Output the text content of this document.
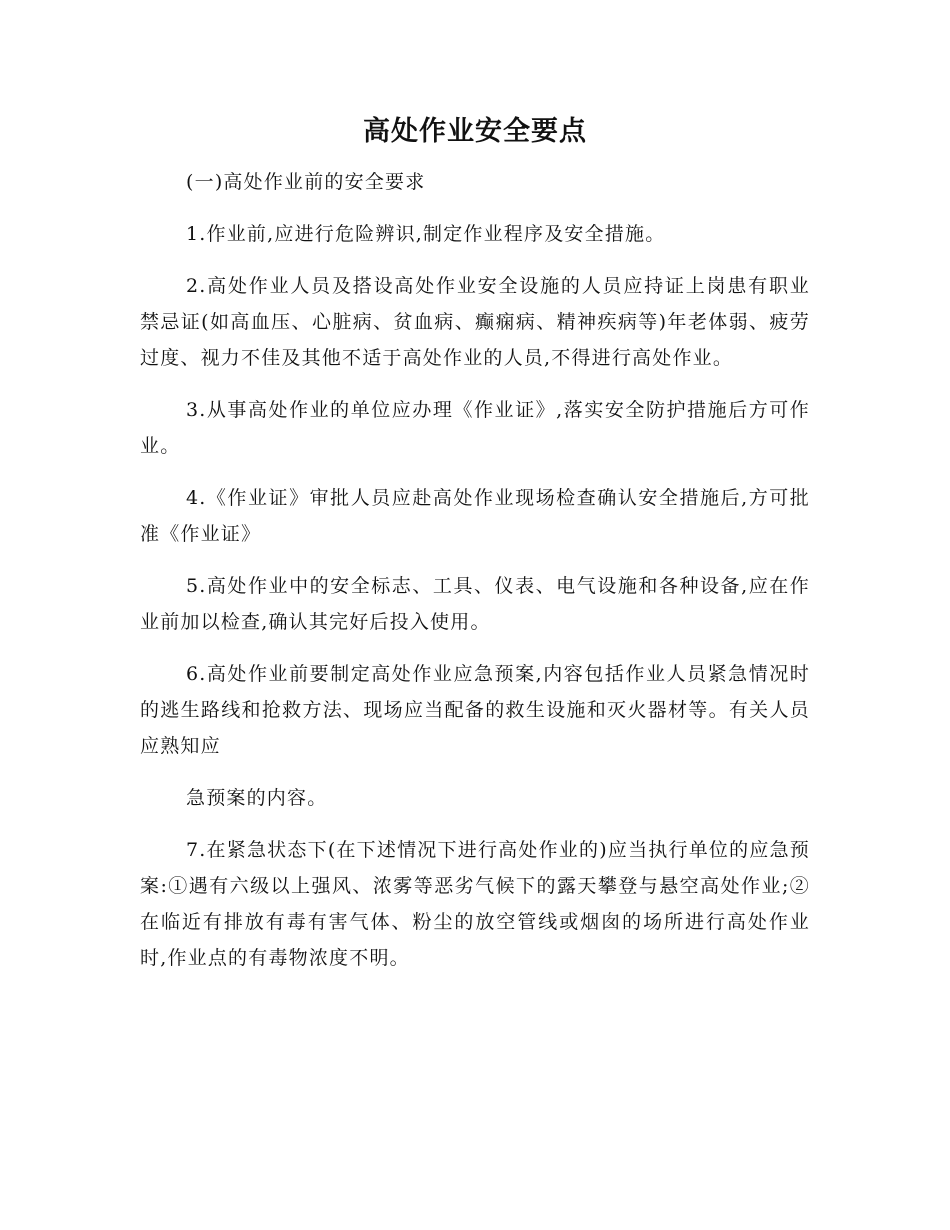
高处作业安全要点

(一)高处作业前的安全要求

1.作业前,应进行危险辨识,制定作业程序及安全措施。

2.高处作业人员及搭设高处作业安全设施的人员应持证上岗患有职业禁忌证(如高血压、心脏病、贫血病、癫痫病、精神疾病等)年老体弱、疲劳过度、视力不佳及其他不适于高处作业的人员,不得进行高处作业。

3.从事高处作业的单位应办理《作业证》,落实安全防护措施后方可作业。

4.《作业证》审批人员应赴高处作业现场检查确认安全措施后,方可批准《作业证》

5.高处作业中的安全标志、工具、仪表、电气设施和各种设备,应在作业前加以检查,确认其完好后投入使用。

6.高处作业前要制定高处作业应急预案,内容包括作业人员紧急情况时的逃生路线和抢救方法、现场应当配备的救生设施和灭火器材等。有关人员应熟知应

急预案的内容。

7.在紧急状态下(在下述情况下进行高处作业的)应当执行单位的应急预案:①遇有六级以上强风、浓雾等恶劣气候下的露天攀登与悬空高处作业;②在临近有排放有毒有害气体、粉尘的放空管线或烟囱的场所进行高处作业时,作业点的有毒物浓度不明。
